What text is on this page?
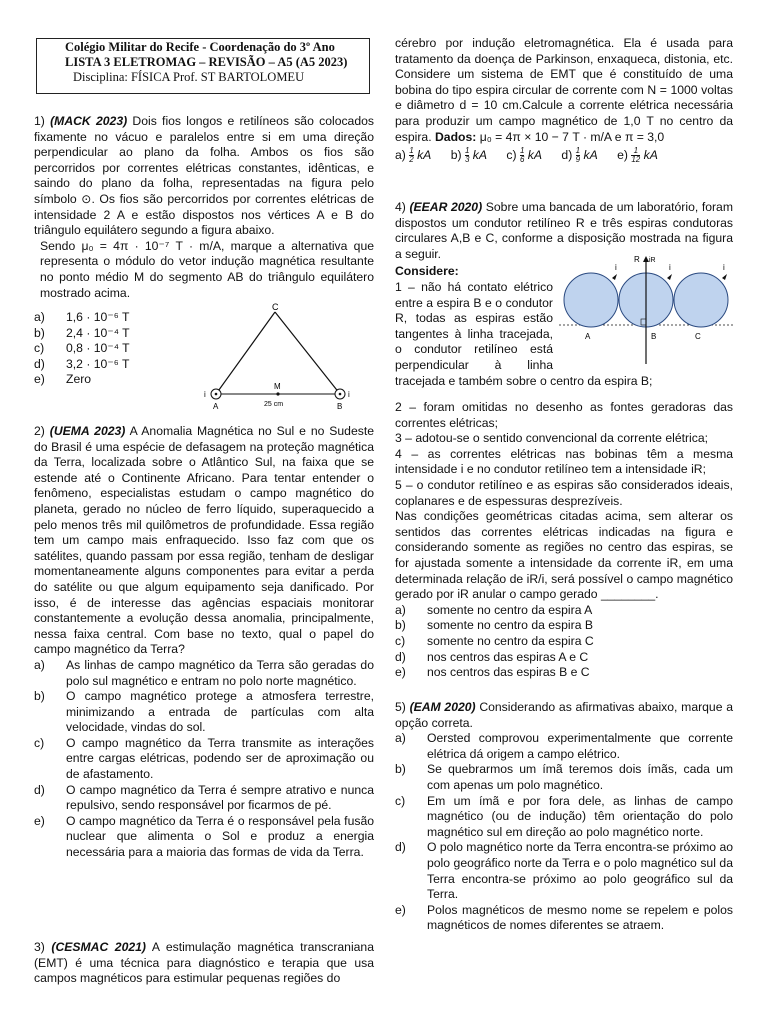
Colégio Militar do Recife - Coordenação do 3º Ano
LISTA 3 ELETROMAG – REVISÃO – A5 (A5 2023)
Disciplina: FÍSICA Prof. ST BARTOLOMEU

1) (MACK 2023) Dois fios longos e retilíneos são colocados fixamente no vácuo e paralelos entre si em uma direção perpendicular ao plano da folha. Ambos os fios são percorridos por correntes elétricas constantes, idênticas, e saindo do plano da folha, representadas na figura pelo símbolo ⊙. Os fios são percorridos por correntes elétricas de intensidade 2 A e estão dispostos nos vértices A e B do triângulo equilátero segundo a figura abaixo.

Sendo μ₀ = 4π · 10⁻⁷ T · m/A, marque a alternativa que representa o módulo do vetor indução magnética resultante no ponto médio M do segmento AB do triângulo equilátero mostrado acima.

a) 1,6 · 10⁻⁶ T
b) 2,4 · 10⁻⁴ T
c) 0,8 · 10⁻⁴ T
d) 3,2 · 10⁻⁶ T
e) Zero
C
M
A	B
i	i
25 cm

2) (UEMA 2023) A Anomalia Magnética no Sul e no Sudeste do Brasil é uma espécie de defasagem na proteção magnética da Terra, localizada sobre o Atlântico Sul, na faixa que se estende até o Continente Africano. Para tentar entender o fenômeno, especialistas estudam o campo magnético do planeta, gerado no núcleo de ferro líquido, superaquecido a pelo menos três mil quilômetros de profundidade. Essa região tem um campo mais enfraquecido. Isso faz com que os satélites, quando passam por essa região, tenham de desligar momentaneamente alguns componentes para evitar a perda do satélite ou que algum equipamento seja danificado. Por isso, é de interesse das agências espaciais monitorar constantemente a evolução dessa anomalia, principalmente, nessa faixa central. Com base no texto, qual o papel do campo magnético da Terra?

a) As linhas de campo magnético da Terra são geradas do polo sul magnético e entram no polo norte magnético.
b) O campo magnético protege a atmosfera terrestre, minimizando a entrada de partículas com alta velocidade, vindas do sol.
c) O campo magnético da Terra transmite as interações entre cargas elétricas, podendo ser de aproximação ou de afastamento.
d) O campo magnético da Terra é sempre atrativo e nunca repulsivo, sendo responsável por ficarmos de pé.
e) O campo magnético da Terra é o responsável pela fusão nuclear que alimenta o Sol e produz a energia necessária para a maioria das formas de vida da Terra.

3) (CESMAC 2021) A estimulação magnética transcraniana (EMT) é uma técnica para diagnóstico e terapia que usa campos magnéticos para estimular pequenas regiões do

cérebro por indução eletromagnética. Ela é usada para tratamento da doença de Parkinson, enxaqueca, distonia, etc. Considere um sistema de EMT que é constituído de uma bobina do tipo espira circular de corrente com N = 1000 voltas e diâmetro d = 10 cm.Calcule a corrente elétrica necessária para produzir um campo magnético de 1,0 T no centro da espira. Dados: μ₀ = 4π × 10 − 7 T · m/A e π = 3,0

$a) \frac{1}{2}$ kA $b) \frac{1}{3}$ kA $c) \frac{1}{6}$ kA $d) \frac{1}{9}$ kA $e) \frac{1}{12}$ kA

4) (EEAR 2020) Sobre uma bancada de um laboratório, foram dispostos um condutor retilíneo R e três espiras condutoras circulares A,B e C, conforme a disposição mostrada na figura a seguir.

Considere:

1 – não há contato elétrico entre a espira B e o condutor R, todas as espiras estão tangentes à linha tracejada, o condutor retilíneo está perpendicular à linha tracejada e também sobre o centro da espira B;

2 – foram omitidas no desenho as fontes geradoras das correntes elétricas;

3 – adotou-se o sentido convencional da corrente elétrica;

4 – as correntes elétricas nas bobinas têm a mesma intensidade i e no condutor retilíneo tem a intensidade iR;

5 – o condutor retilíneo e as espiras são considerados ideais, coplanares e de espessuras desprezíveis.

Nas condições geométricas citadas acima, sem alterar os sentidos das correntes elétricas indicadas na figura e considerando somente as regiões no centro das espiras, se for ajustada somente a intensidade da corrente iR, em uma determinada relação de iR/i, será possível o campo magnético gerado por iR anular o campo gerado ________.

a) somente no centro da espira A
b) somente no centro da espira B
c) somente no centro da espira C
d) nos centros das espiras A e C
e) nos centros das espiras B e C
R iR
i	i	i
A	B	C

5) (EAM 2020) Considerando as afirmativas abaixo, marque a opção correta.

a) Oersted comprovou experimentalmente que corrente elétrica dá origem a campo elétrico.
b) Se quebrarmos um ímã teremos dois ímãs, cada um com apenas um polo magnético.
c) Em um ímã e por fora dele, as linhas de campo magnético (ou de indução) têm orientação do polo magnético sul em direção ao polo magnético norte.
d) O polo magnético norte da Terra encontra-se próximo ao polo geográfico norte da Terra e o polo magnético sul da Terra encontra-se próximo ao polo geográfico sul da Terra.
e) Polos magnéticos de mesmo nome se repelem e polos magnéticos de nomes diferentes se atraem.
